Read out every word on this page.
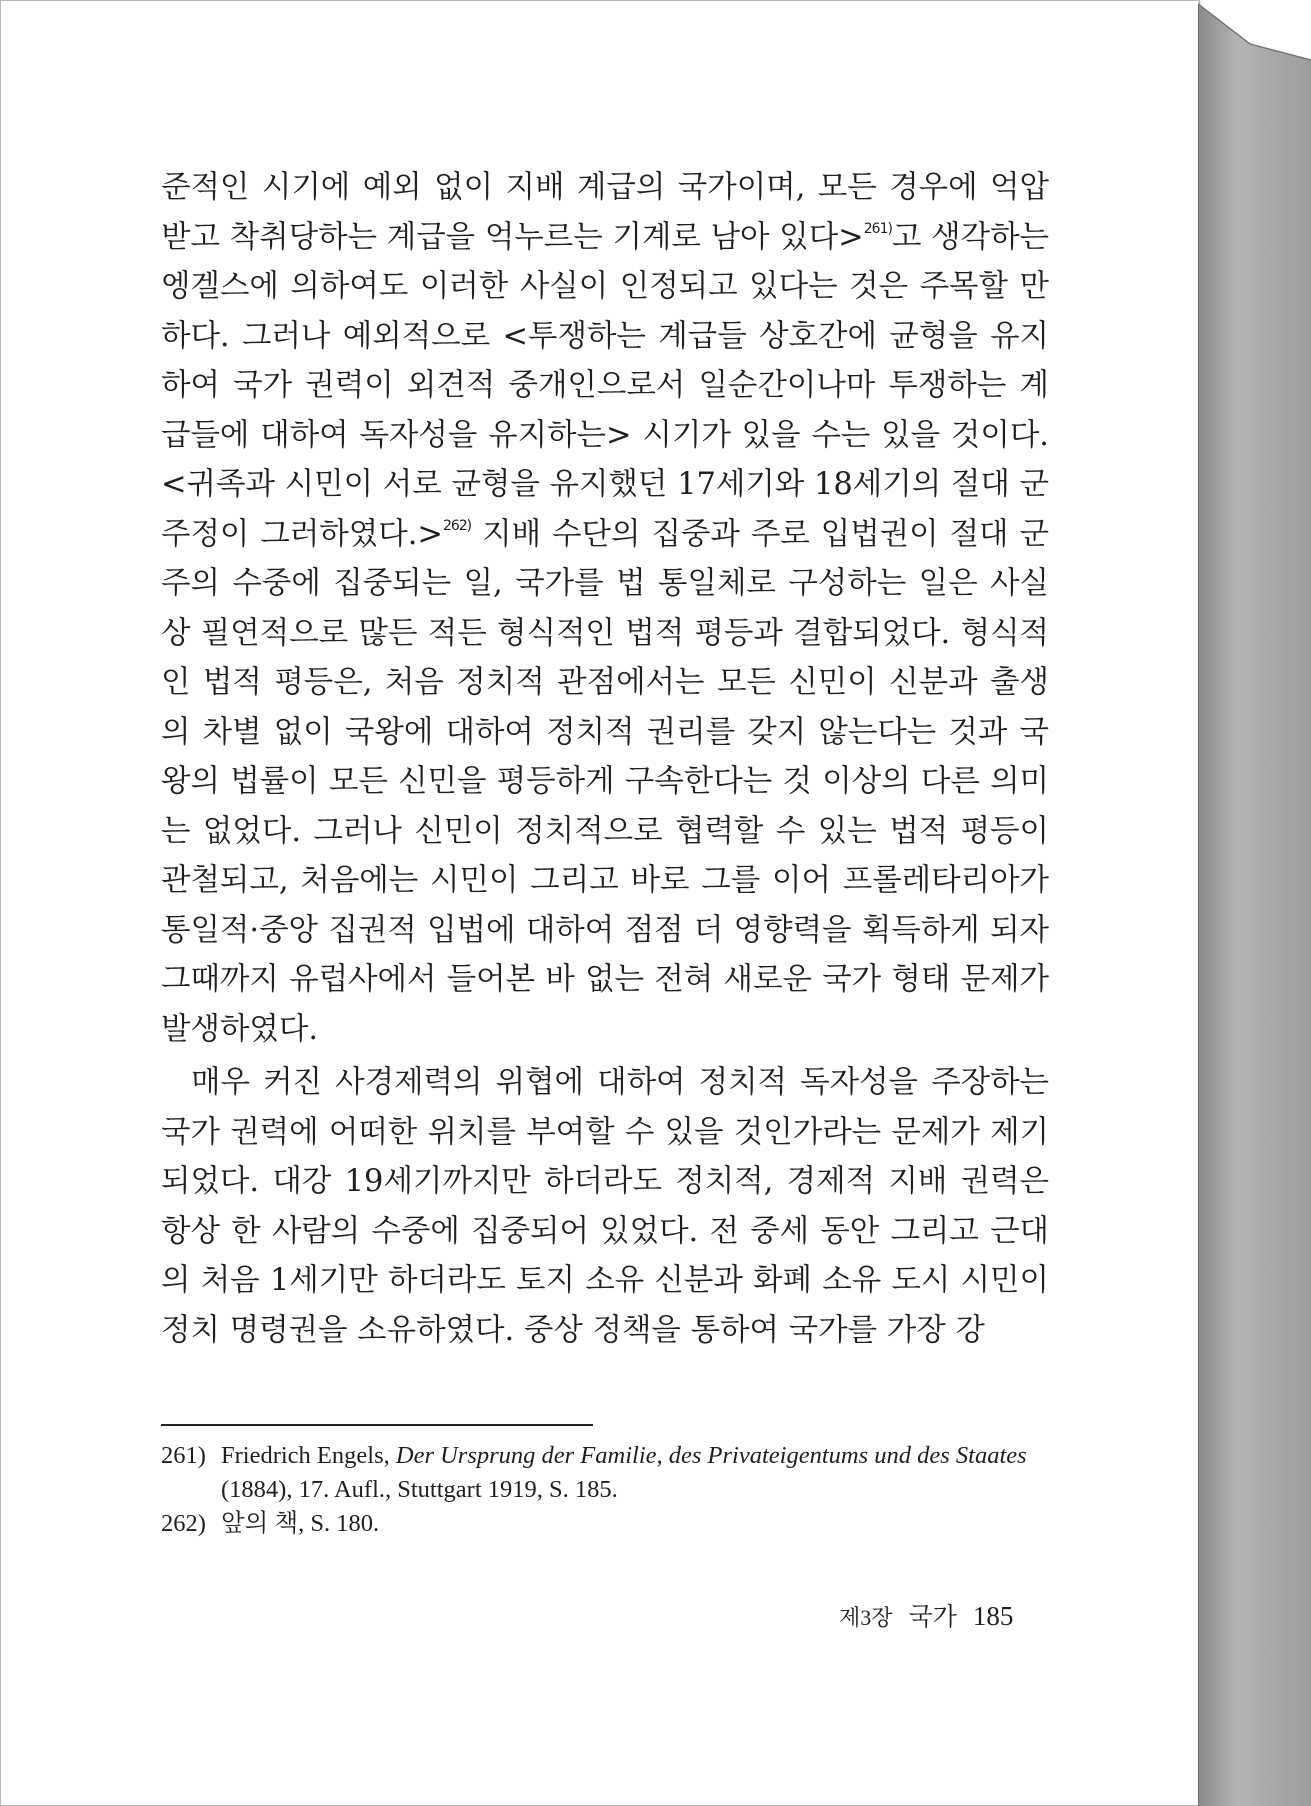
준적인 시기에 예외 없이 지배 계급의 국가이며, 모든 경우에 억압 받고 착취당하는 계급을 억누르는 기계로 남아 있다>$^{261)}$고 생각하는 엥겔스에 의하여도 이러한 사실이 인정되고 있다는 것은 주목할 만하다. 그러나 예외적으로 <투쟁하는 계급들 상호간에 균형을 유지하여 국가 권력이 외견적 중개인으로서 일순간이나마 투쟁하는 계급들에 대하여 독자성을 유지하는> 시기가 있을 수는 있을 것이다. <귀족과 시민이 서로 균형을 유지했던 17세기와 18세기의 절대 군주정이 그러하였다.>$^{262)}$ 지배 수단의 집중과 주로 입법권이 절대 군주의 수중에 집중되는 일, 국가를 법 통일체로 구성하는 일은 사실상 필연적으로 많든 적든 형식적인 법적 평등과 결합되었다. 형식적인 법적 평등은, 처음 정치적 관점에서는 모든 신민이 신분과 출생의 차별 없이 국왕에 대하여 정치적 권리를 갖지 않는다는 것과 국왕의 법률이 모든 신민을 평등하게 구속한다는 것 이상의 다른 의미는 없었다. 그러나 신민이 정치적으로 협력할 수 있는 법적 평등이 관철되고, 처음에는 시민이 그리고 바로 그를 이어 프롤레타리아가 통일적·중앙 집권적 입법에 대하여 점점 더 영향력을 획득하게 되자 그때까지 유럽사에서 들어본 바 없는 전혀 새로운 국가 형태 문제가 발생하였다.

매우 커진 사경제력의 위협에 대하여 정치적 독자성을 주장하는 국가 권력에 어떠한 위치를 부여할 수 있을 것인가라는 문제가 제기되었다. 대강 19세기까지만 하더라도 정치적, 경제적 지배 권력은 항상 한 사람의 수중에 집중되어 있었다. 전 중세 동안 그리고 근대의 처음 1세기만 하더라도 토지 소유 신분과 화폐 소유 도시 시민이 정치 명령권을 소유하였다. 중상 정책을 통하여 국가를 가장 강

261) Friedrich Engels, Der Ursprung der Familie, des Privateigentums und des Staates (1884), 17. Aufl., Stuttgart 1919, S. 185.
262) 앞의 책, S. 180.
제3장 국가 185
